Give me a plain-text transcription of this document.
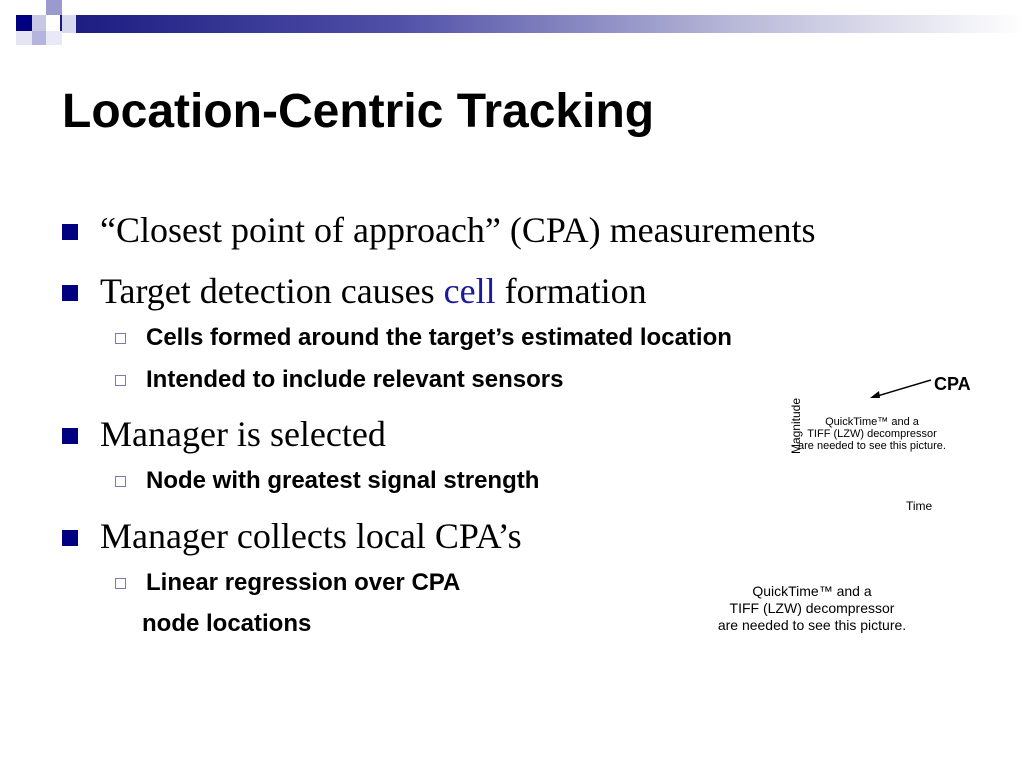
Location-Centric Tracking
“Closest point of approach” (CPA) measurements
Target detection causes cell formation
Cells formed around the target’s estimated location
Intended to include relevant sensors
Manager is selected
Node with greatest signal strength
Manager collects local CPA’s
Linear regression over CPA
node locations
CPA
Magnitude
Time
QuickTime™ and a
TIFF (LZW) decompressor
are needed to see this picture.
QuickTime™ and a
TIFF (LZW) decompressor
are needed to see this picture.
